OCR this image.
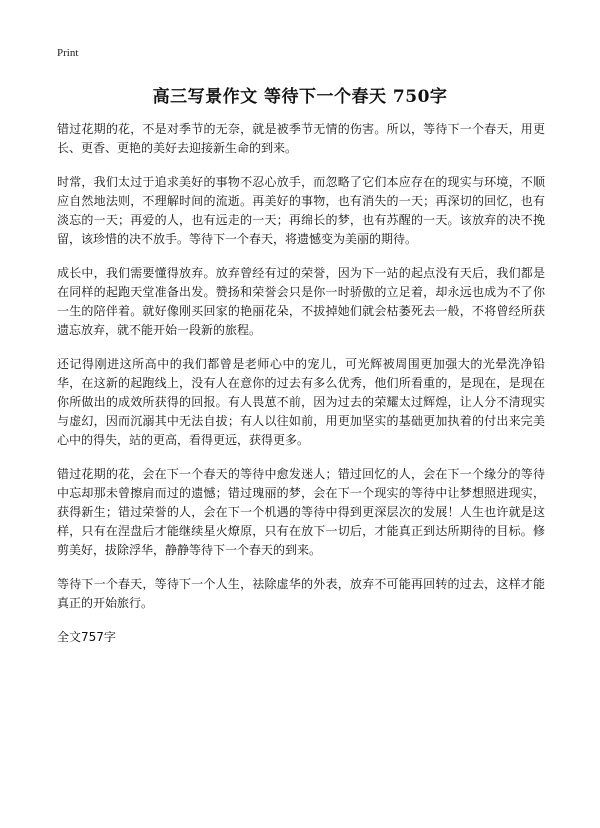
Print
高三写景作文 等待下一个春天 750字

错过花期的花，不是对季节的无奈，就是被季节无情的伤害。所以，等待下一个春天，用更长、更香、更艳的美好去迎接新生命的到来。

时常，我们太过于追求美好的事物不忍心放手，而忽略了它们本应存在的现实与环境，不顺应自然地法则，不理解时间的流逝。再美好的事物，也有消失的一天；再深切的回忆，也有淡忘的一天；再爱的人，也有远走的一天；再绵长的梦，也有苏醒的一天。该放弃的决不挽留，该珍惜的决不放手。等待下一个春天，将遗憾变为美丽的期待。

成长中，我们需要懂得放弃。放弃曾经有过的荣誉，因为下一站的起点没有天后，我们都是在同样的起跑天堂准备出发。赞扬和荣誉会只是你一时骄傲的立足着，却永远也成为不了你一生的陪伴着。就好像刚买回家的艳丽花朵，不拔掉她们就会枯萎死去一般，不将曾经所获遗忘放弃，就不能开始一段新的旅程。

还记得刚进这所高中的我们都曾是老师心中的宠儿，可光辉被周围更加强大的光晕洗净铅华，在这新的起跑线上，没有人在意你的过去有多么优秀，他们所看重的，是现在，是现在你所做出的成效所获得的回报。有人畏葸不前，因为过去的荣耀太过辉煌，让人分不清现实与虚幻，因而沉溺其中无法自拔；有人以往如前，用更加坚实的基础更加执着的付出来完美心中的得失，站的更高，看得更远，获得更多。

错过花期的花，会在下一个春天的等待中愈发迷人；错过回忆的人，会在下一个缘分的等待中忘却那未曾擦肩而过的遗憾；错过瑰丽的梦，会在下一个现实的等待中让梦想照进现实，获得新生；错过荣誉的人，会在下一个机遇的等待中得到更深层次的发展！人生也许就是这样，只有在涅盘后才能继续星火燎原，只有在放下一切后，才能真正到达所期待的目标。修剪美好，拔除浮华，静静等待下一个春天的到来。

等待下一个春天，等待下一个人生，祛除虚华的外表，放弃不可能再回转的过去，这样才能真正的开始旅行。

全文757字
